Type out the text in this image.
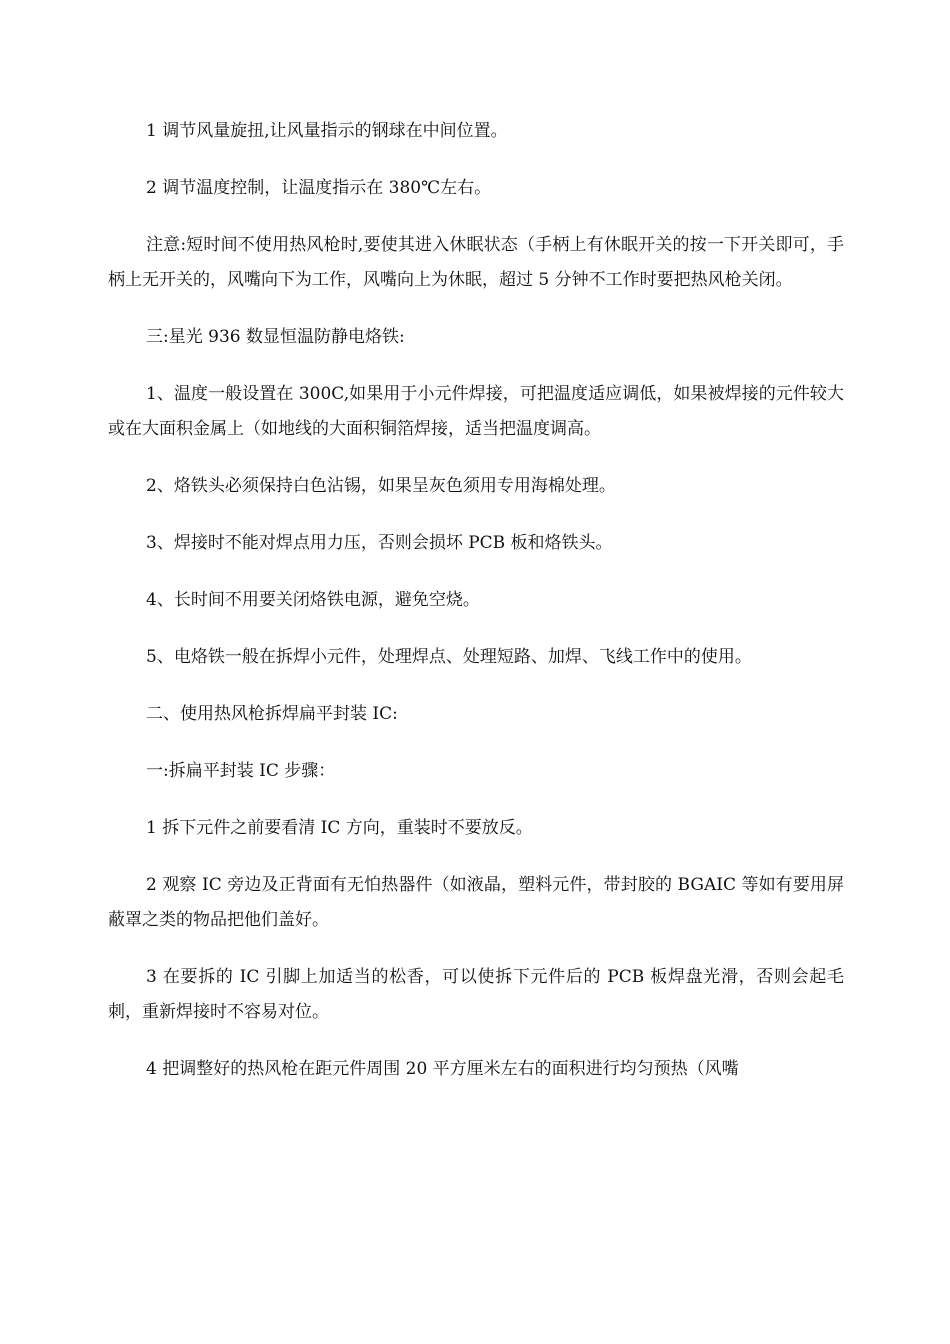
1 调节风量旋扭,让风量指示的钢球在中间位置。

2 调节温度控制，让温度指示在 380℃左右。

注意:短时间不使用热风枪时,要使其进入休眠状态（手柄上有休眠开关的按一下开关即可，手柄上无开关的，风嘴向下为工作，风嘴向上为休眠，超过 5 分钟不工作时要把热风枪关闭。

三:星光 936 数显恒温防静电烙铁:

1、温度一般设置在 300C,如果用于小元件焊接，可把温度适应调低，如果被焊接的元件较大或在大面积金属上（如地线的大面积铜箔焊接，适当把温度调高。

2、烙铁头必须保持白色沾锡，如果呈灰色须用专用海棉处理。

3、焊接时不能对焊点用力压，否则会损坏 PCB 板和烙铁头。

4、长时间不用要关闭烙铁电源，避免空烧。

5、电烙铁一般在拆焊小元件，处理焊点、处理短路、加焊、飞线工作中的使用。

二、使用热风枪拆焊扁平封装 IC:

一:拆扁平封装 IC 步骤：

1 拆下元件之前要看清 IC 方向，重装时不要放反。

2 观察 IC 旁边及正背面有无怕热器件（如液晶，塑料元件，带封胶的 BGAIC 等如有要用屏蔽罩之类的物品把他们盖好。

3 在要拆的 IC 引脚上加适当的松香，可以使拆下元件后的 PCB 板焊盘光滑，否则会起毛刺，重新焊接时不容易对位。

4 把调整好的热风枪在距元件周围 20 平方厘米左右的面积进行均匀预热（风嘴
